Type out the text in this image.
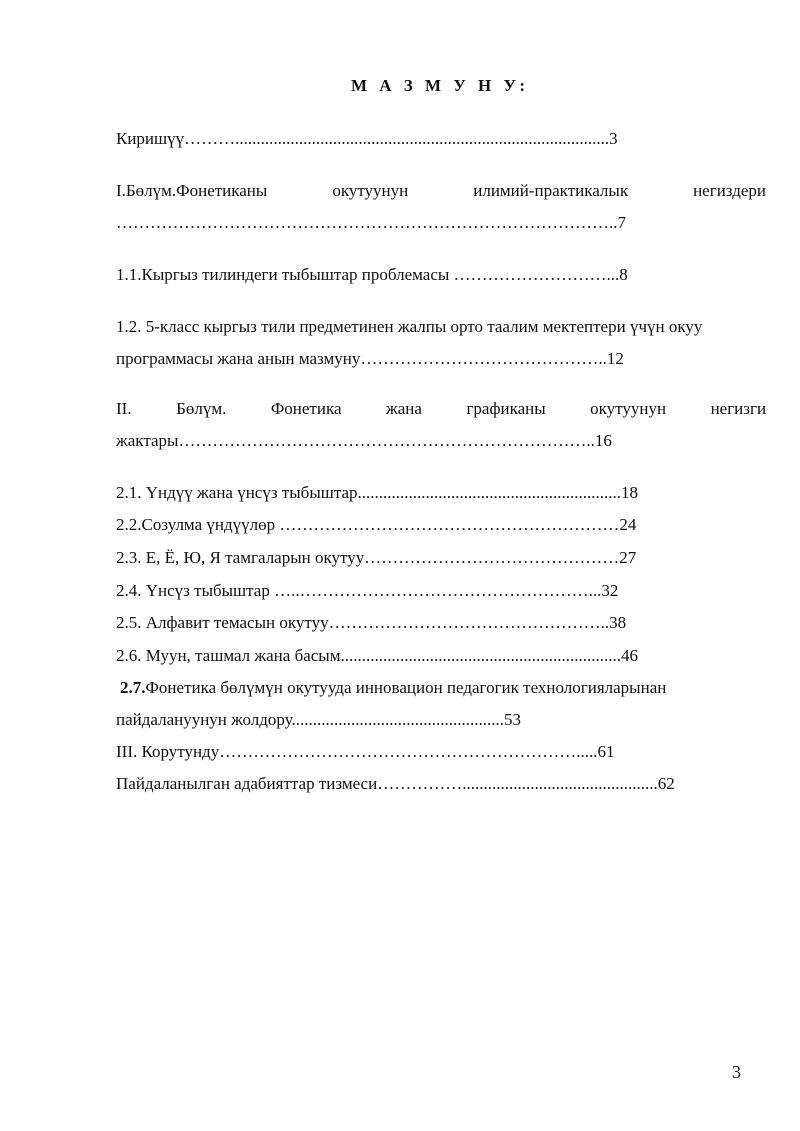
М А З М У Н У:
Киришүү………........................................................................................3
I.Бөлүм.Фонетиканы	окутуунун	илимий-практикалык	негиздери
……………………………………………………………………………..7
1.1.Кыргыз тилиндеги тыбыштар проблемасы ………………………...8
1.2. 5-класс кыргыз тили предметинен жалпы орто таалим мектептери үчүн окуу
программасы жана анын мазмуну……………………………………..12
II.	Бөлүм.	Фонетика	жана	графиканы	окутуунун	негизги
жактары………………………………………………………………..16
2.1. Үндүү жана үнсүз тыбыштар..............................................................18
2.2.Созулма үндүүлөр ……………………………………………………24
2.3. Е, Ё, Ю, Я тамгаларын окутуу………………………………………27
2.4. Үнсүз тыбыштар …..……………………………………………...32
2.5. Алфавит темасын окутуу…………………………………………..38
2.6. Муун, ташмал жана басым..................................................................46
2.7.Фонетика бөлүмүн окутууда инновацион педагогик технологияларынан
пайдалануунун жолдору..................................................53
III. Корутунду……………………………………………………….....61
Пайдаланылган адабияттар тизмеси……………..............................................62
3
